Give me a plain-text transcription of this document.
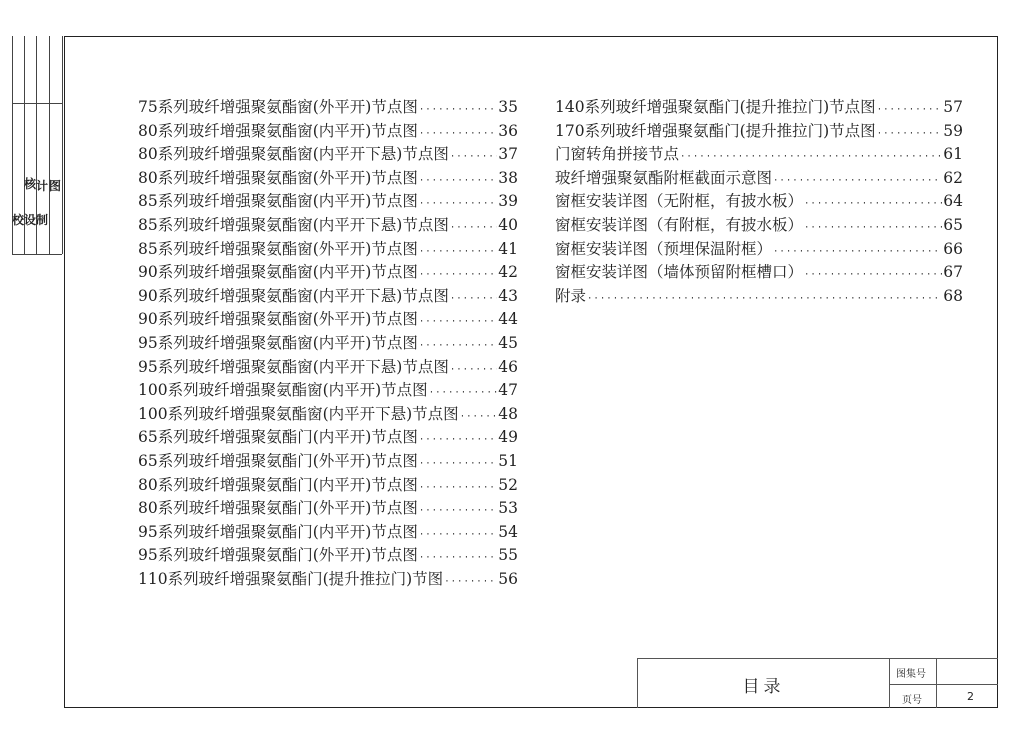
校
核
设
计
制
图
75系列玻纤增强聚氨酯窗(外平开)节点图 ·····	35
80系列玻纤增强聚氨酯窗(内平开)节点图 ·····	36
80系列玻纤增强聚氨酯窗(内平开下悬)节点图 ·····	37
80系列玻纤增强聚氨酯窗(外平开)节点图 ·····	38
85系列玻纤增强聚氨酯窗(内平开)节点图 ·····	39
85系列玻纤增强聚氨酯窗(内平开下悬)节点图 ·····	40
85系列玻纤增强聚氨酯窗(外平开)节点图 ·····	41
90系列玻纤增强聚氨酯窗(内平开)节点图 ·····	42
90系列玻纤增强聚氨酯窗(内平开下悬)节点图 ·····	43
90系列玻纤增强聚氨酯窗(外平开)节点图 ·····	44
95系列玻纤增强聚氨酯窗(内平开)节点图 ·····	45
95系列玻纤增强聚氨酯窗(内平开下悬)节点图 ·····	46
100系列玻纤增强聚氨酯窗(内平开)节点图 ·····	47
100系列玻纤增强聚氨酯窗(内平开下悬)节点图 ·····	48
65系列玻纤增强聚氨酯门(内平开)节点图 ·····	49
65系列玻纤增强聚氨酯门(外平开)节点图 ·····	51
80系列玻纤增强聚氨酯门(内平开)节点图 ·····	52
80系列玻纤增强聚氨酯门(外平开)节点图 ·····	53
95系列玻纤增强聚氨酯门(内平开)节点图 ·····	54
95系列玻纤增强聚氨酯门(外平开)节点图 ·····	55
110系列玻纤增强聚氨酯门(提升推拉门)节图 ·····	56
140系列玻纤增强聚氨酯门(提升推拉门)节点图 ·····	57
170系列玻纤增强聚氨酯门(提升推拉门)节点图 ·····	59
门窗转角拼接节点 ·····	61
玻纤增强聚氨酯附框截面示意图 ·····	62
窗框安装详图（无附框，有披水板） ·····	64
窗框安装详图（有附框，有披水板） ·····	65
窗框安装详图（预埋保温附框） ·····	66
窗框安装详图（墙体预留附框槽口） ·····	67
附录 ·····	68
目录
图集号
页号	2
